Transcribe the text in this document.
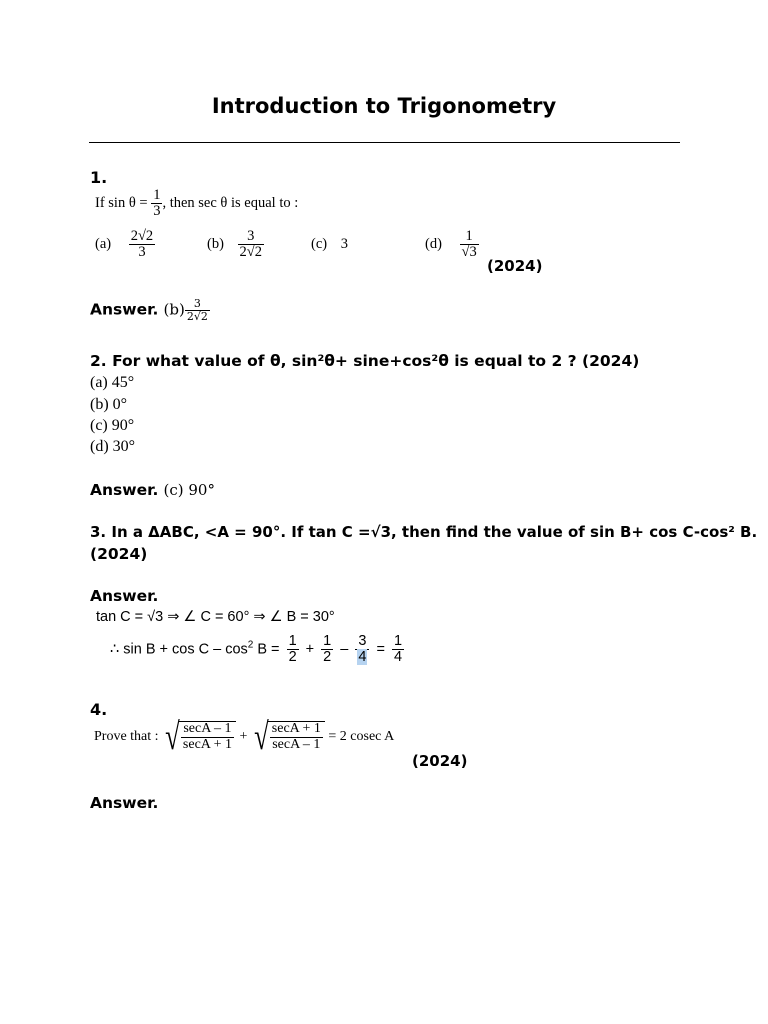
Introduction to Trigonometry
1.
If $\sin \theta = \frac{1}{3}$ , then sec θ is equal to :
$(a) \frac{2√2}{3}$	$(b) \frac{3}{2√2}$	(c) 3	$(d) \frac{1}{√3}$
(2024)
Answer. $(b) \frac{3}{2√2}$
2. For what value of θ, sin²θ+ sine+cos²θ is equal to 2 ? (2024)
(a) 45°
(b) 0°
(c) 90°
(d) 30°
Answer. (c) 90°
3. In a ΔABC, <A = 90°. If tan C =√3, then find the value of sin B+ cos C-cos² B.
(2024)
Answer.
tan C = √3 ⇒ ∠ C = 60° ⇒ ∠ B = 30°
∴ $\sin B + \cos C - \cos^2 B = \frac{1}{2} + \frac{1}{2} - \frac{3}{4} = \frac{1}{4}$
4.
Prove that : √ $\frac{\sec A - 1}{\sec A + 1}$ + √ $\frac{\sec A + 1}{\sec A - 1} = 2$ cosec A
(2024)
Answer.
